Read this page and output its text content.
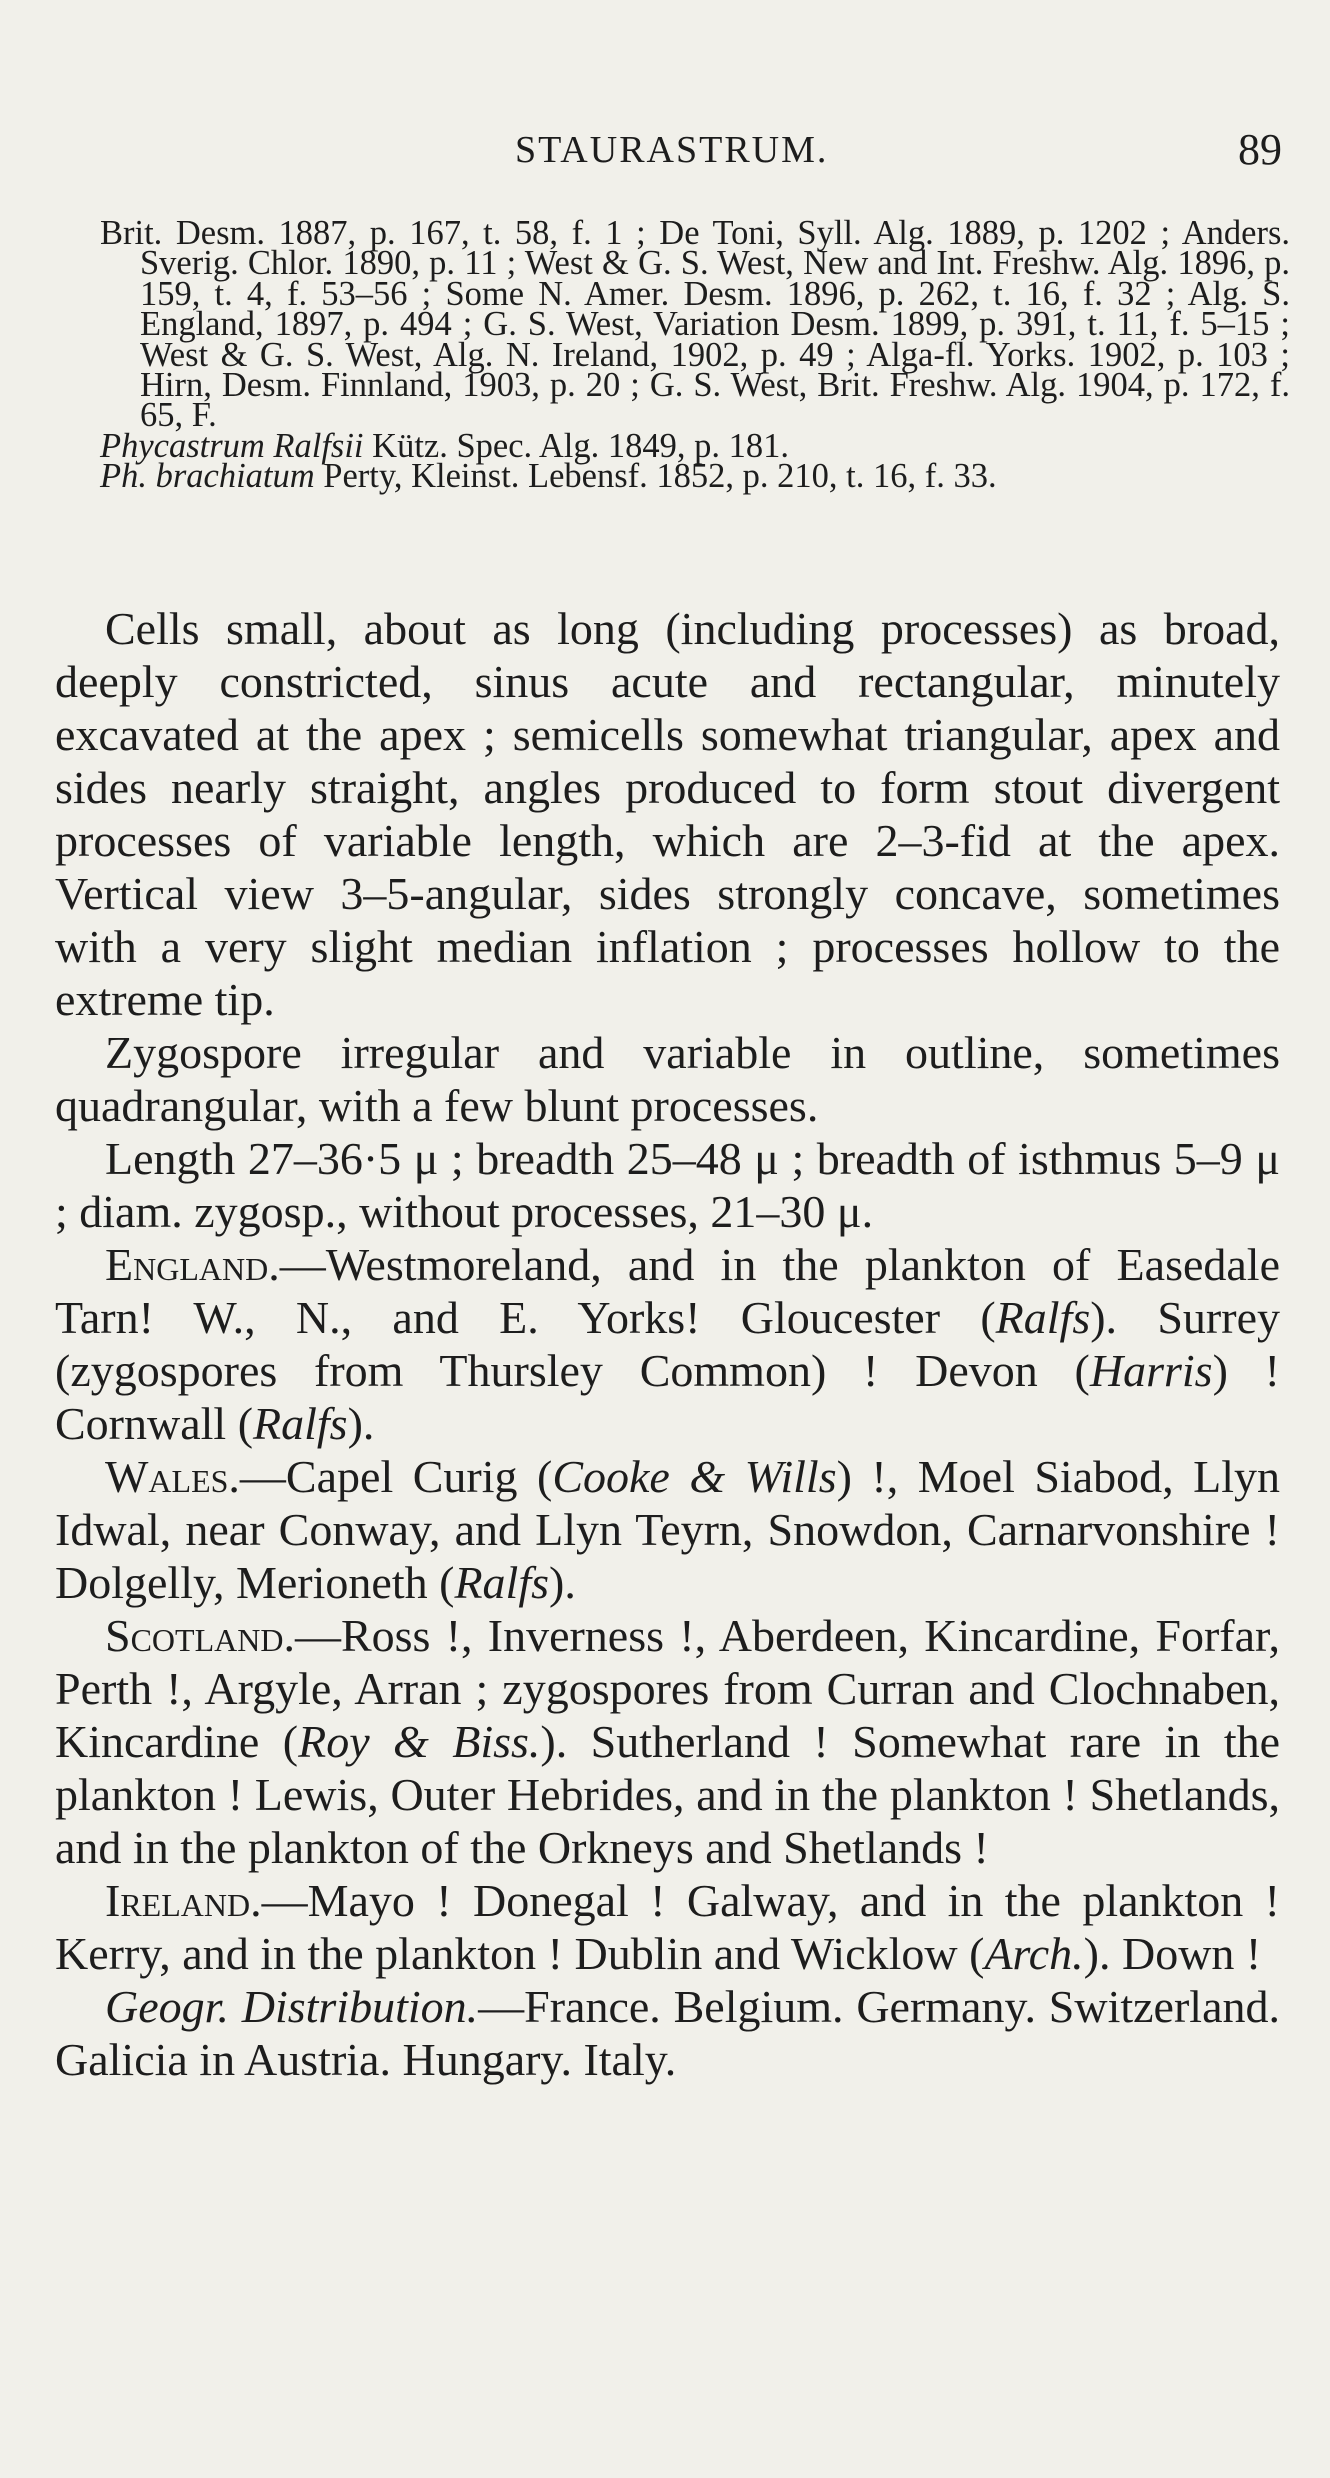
STAURASTRUM.	89

Brit. Desm. 1887, p. 167, t. 58, f. 1 ; De Toni, Syll. Alg. 1889, p. 1202 ; Anders. Sverig. Chlor. 1890, p. 11 ; West & G. S. West, New and Int. Freshw. Alg. 1896, p. 159, t. 4, f. 53–56 ; Some N. Amer. Desm. 1896, p. 262, t. 16, f. 32 ; Alg. S. England, 1897, p. 494 ; G. S. West, Variation Desm. 1899, p. 391, t. 11, f. 5–15 ; West & G. S. West, Alg. N. Ireland, 1902, p. 49 ; Alga-fl. Yorks. 1902, p. 103 ; Hirn, Desm. Finnland, 1903, p. 20 ; G. S. West, Brit. Freshw. Alg. 1904, p. 172, f. 65, F.

Phycastrum Ralfsii Kütz. Spec. Alg. 1849, p. 181.

Ph. brachiatum Perty, Kleinst. Lebensf. 1852, p. 210, t. 16, f. 33.

Cells small, about as long (including processes) as broad, deeply constricted, sinus acute and rectangular, minutely excavated at the apex ; semicells somewhat triangular, apex and sides nearly straight, angles produced to form stout divergent processes of variable length, which are 2–3-fid at the apex. Vertical view 3–5-angular, sides strongly concave, sometimes with a very slight median inflation ; processes hollow to the extreme tip.

Zygospore irregular and variable in outline, sometimes quadrangular, with a few blunt processes.

Length 27–36·5 μ ; breadth 25–48 μ ; breadth of isthmus 5–9 μ ; diam. zygosp., without processes, 21–30 μ.

England.—Westmoreland, and in the plankton of Easedale Tarn! W., N., and E. Yorks! Gloucester (Ralfs). Surrey (zygospores from Thursley Common) ! Devon (Harris) ! Cornwall (Ralfs).

Wales.—Capel Curig (Cooke & Wills) !, Moel Siabod, Llyn Idwal, near Conway, and Llyn Teyrn, Snowdon, Carnarvonshire ! Dolgelly, Merioneth (Ralfs).

Scotland.—Ross !, Inverness !, Aberdeen, Kincardine, Forfar, Perth !, Argyle, Arran ; zygospores from Curran and Clochnaben, Kincardine (Roy & Biss.). Sutherland ! Somewhat rare in the plankton ! Lewis, Outer Hebrides, and in the plankton ! Shetlands, and in the plankton of the Orkneys and Shetlands !

Ireland.—Mayo ! Donegal ! Galway, and in the plankton ! Kerry, and in the plankton ! Dublin and Wicklow (Arch.). Down !

Geogr. Distribution.—France. Belgium. Germany. Switzerland. Galicia in Austria. Hungary. Italy.
